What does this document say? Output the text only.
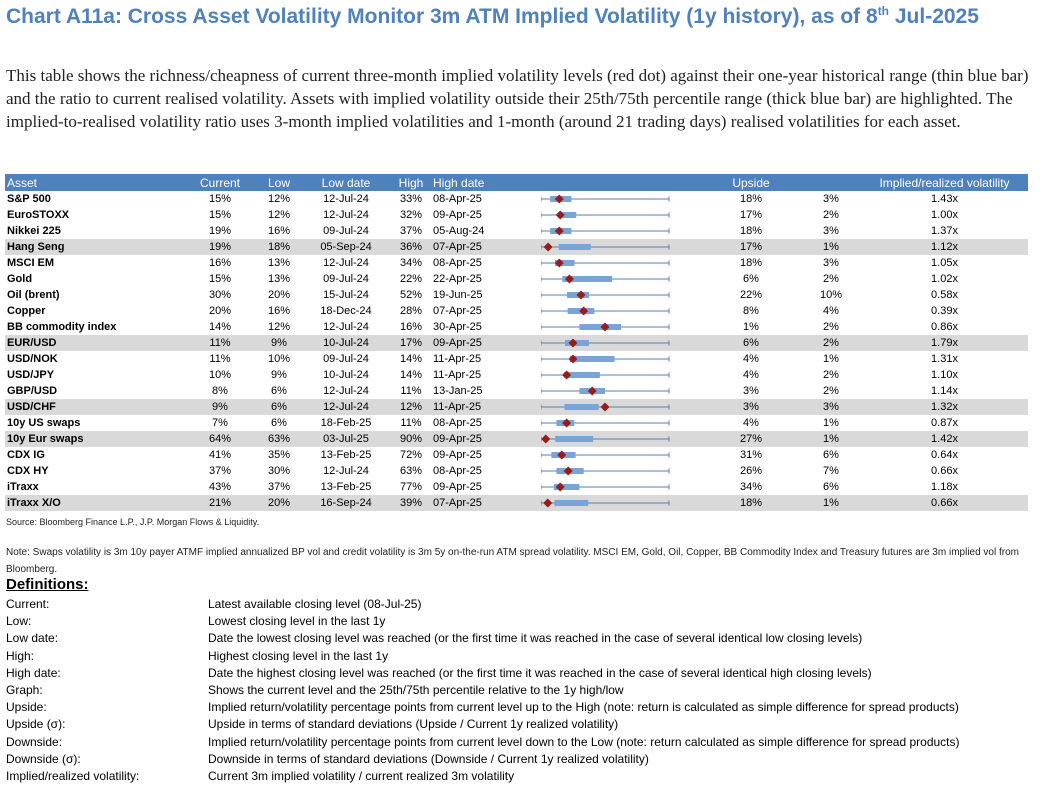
Chart A11a: Cross Asset Volatility Monitor 3m ATM Implied Volatility (1y history), as of 8th Jul-2025
This table shows the richness/cheapness of current three-month implied volatility levels (red dot) against their one-year historical range (thin blue bar) and the ratio to current realised volatility. Assets with implied volatility outside their 25th/75th percentile range (thick blue bar) are highlighted. The implied-to-realised volatility ratio uses 3-month implied volatilities and 1-month (around 21 trading days) realised volatilities for each asset.
Asset	Current	Low	Low date	High	High date		Upside		Implied/realized volatility
S&P 500	15%	12%	12-Jul-24	33%	08-Apr-25		18%	3%	1.43x
EuroSTOXX	15%	12%	12-Jul-24	32%	09-Apr-25		17%	2%	1.00x
Nikkei 225	19%	16%	09-Jul-24	37%	05-Aug-24		18%	3%	1.37x
Hang Seng	19%	18%	05-Sep-24	36%	07-Apr-25		17%	1%	1.12x
MSCI EM	16%	13%	12-Jul-24	34%	08-Apr-25		18%	3%	1.05x
Gold	15%	13%	09-Jul-24	22%	22-Apr-25		6%	2%	1.02x
Oil (brent)	30%	20%	15-Jul-24	52%	19-Jun-25		22%	10%	0.58x
Copper	20%	16%	18-Dec-24	28%	07-Apr-25		8%	4%	0.39x
BB commodity index	14%	12%	12-Jul-24	16%	30-Apr-25		1%	2%	0.86x
EUR/USD	11%	9%	10-Jul-24	17%	09-Apr-25		6%	2%	1.79x
USD/NOK	11%	10%	09-Jul-24	14%	11-Apr-25		4%	1%	1.31x
USD/JPY	10%	9%	10-Jul-24	14%	11-Apr-25		4%	2%	1.10x
GBP/USD	8%	6%	12-Jul-24	11%	13-Jan-25		3%	2%	1.14x
USD/CHF	9%	6%	12-Jul-24	12%	11-Apr-25		3%	3%	1.32x
10y US swaps	7%	6%	18-Feb-25	11%	08-Apr-25		4%	1%	0.87x
10y Eur swaps	64%	63%	03-Jul-25	90%	09-Apr-25		27%	1%	1.42x
CDX IG	41%	35%	13-Feb-25	72%	09-Apr-25		31%	6%	0.64x
CDX HY	37%	30%	12-Jul-24	63%	08-Apr-25		26%	7%	0.66x
iTraxx	43%	37%	13-Feb-25	77%	09-Apr-25		34%	6%	1.18x
iTraxx X/O	21%	20%	16-Sep-24	39%	07-Apr-25		18%	1%	0.66x
Source: Bloomberg Finance L.P., J.P. Morgan Flows & Liquidity.
Note: Swaps volatility is 3m 10y payer ATMF implied annualized BP vol and credit volatility is 3m 5y on-the-run ATM spread volatility. MSCI EM, Gold, Oil, Copper, BB Commodity Index and Treasury futures are 3m implied vol from Bloomberg.
Definitions:
Current:	Latest available closing level (08-Jul-25)
Low:	Lowest closing level in the last 1y
Low date:	Date the lowest closing level was reached (or the first time it was reached in the case of several identical low closing levels)
High:	Highest closing level in the last 1y
High date:	Date the highest closing level was reached (or the first time it was reached in the case of several identical high closing levels)
Graph:	Shows the current level and the 25th/75th percentile relative to the 1y high/low
Upside:	Implied return/volatility percentage points from current level up to the High (note: return is calculated as simple difference for spread products)
Upside (σ):	Upside in terms of standard deviations (Upside / Current 1y realized volatility)
Downside:	Implied return/volatility percentage points from current level down to the Low (note: return calculated as simple difference for spread products)
Downside (σ):	Downside in terms of standard deviations (Downside / Current 1y realized volatility)
Implied/realized volatility:	Current 3m implied volatility / current realized 3m volatility
